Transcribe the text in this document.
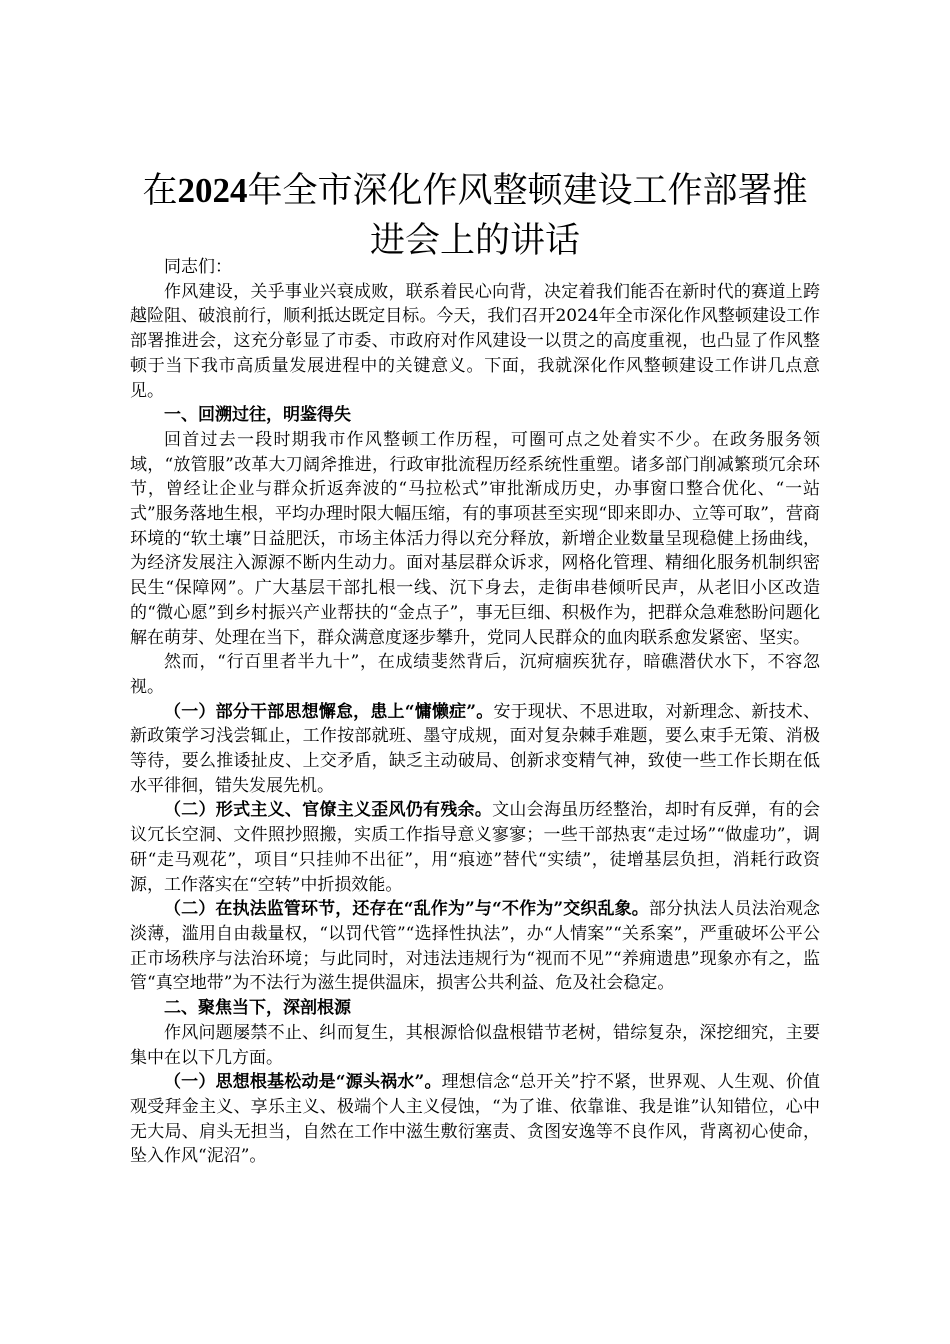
在2024年全市深化作风整顿建设工作部署推进会上的讲话

同志们：

作风建设，关乎事业兴衰成败，联系着民心向背，决定着我们能否在新时代的赛道上跨越险阻、破浪前行，顺利抵达既定目标。今天，我们召开2024年全市深化作风整顿建设工作部署推进会，这充分彰显了市委、市政府对作风建设一以贯之的高度重视，也凸显了作风整顿于当下我市高质量发展进程中的关键意义。下面，我就深化作风整顿建设工作讲几点意见。

一、回溯过往，明鉴得失

回首过去一段时期我市作风整顿工作历程，可圈可点之处着实不少。在政务服务领域，“放管服”改革大刀阔斧推进，行政审批流程历经系统性重塑。诸多部门削减繁琐冗余环节，曾经让企业与群众折返奔波的“马拉松式”审批渐成历史，办事窗口整合优化、“一站式”服务落地生根，平均办理时限大幅压缩，有的事项甚至实现“即来即办、立等可取”，营商环境的“软土壤”日益肥沃，市场主体活力得以充分释放，新增企业数量呈现稳健上扬曲线，为经济发展注入源源不断内生动力。面对基层群众诉求，网格化管理、精细化服务机制织密民生“保障网”。广大基层干部扎根一线、沉下身去，走街串巷倾听民声，从老旧小区改造的“微心愿”到乡村振兴产业帮扶的“金点子”，事无巨细、积极作为，把群众急难愁盼问题化解在萌芽、处理在当下，群众满意度逐步攀升，党同人民群众的血肉联系愈发紧密、坚实。

然而，“行百里者半九十”，在成绩斐然背后，沉疴痼疾犹存，暗礁潜伏水下，不容忽视。

（一）部分干部思想懈怠，患上“慵懒症”。安于现状、不思进取，对新理念、新技术、新政策学习浅尝辄止，工作按部就班、墨守成规，面对复杂棘手难题，要么束手无策、消极等待，要么推诿扯皮、上交矛盾，缺乏主动破局、创新求变精气神，致使一些工作长期在低水平徘徊，错失发展先机。

（二）形式主义、官僚主义歪风仍有残余。文山会海虽历经整治，却时有反弹，有的会议冗长空洞、文件照抄照搬，实质工作指导意义寥寥；一些干部热衷“走过场”“做虚功”，调研“走马观花”，项目“只挂帅不出征”，用“痕迹”替代“实绩”，徒增基层负担，消耗行政资源，工作落实在“空转”中折损效能。

（二）在执法监管环节，还存在“乱作为”与“不作为”交织乱象。部分执法人员法治观念淡薄，滥用自由裁量权，“以罚代管”“选择性执法”，办“人情案”“关系案”，严重破坏公平公正市场秩序与法治环境；与此同时，对违法违规行为“视而不见”“养痈遗患”现象亦有之，监管“真空地带”为不法行为滋生提供温床，损害公共利益、危及社会稳定。

二、聚焦当下，深剖根源

作风问题屡禁不止、纠而复生，其根源恰似盘根错节老树，错综复杂，深挖细究，主要集中在以下几方面。

（一）思想根基松动是“源头祸水”。理想信念“总开关”拧不紧，世界观、人生观、价值观受拜金主义、享乐主义、极端个人主义侵蚀，“为了谁、依靠谁、我是谁”认知错位，心中无大局、肩头无担当，自然在工作中滋生敷衍塞责、贪图安逸等不良作风，背离初心使命，坠入作风“泥沼”。
